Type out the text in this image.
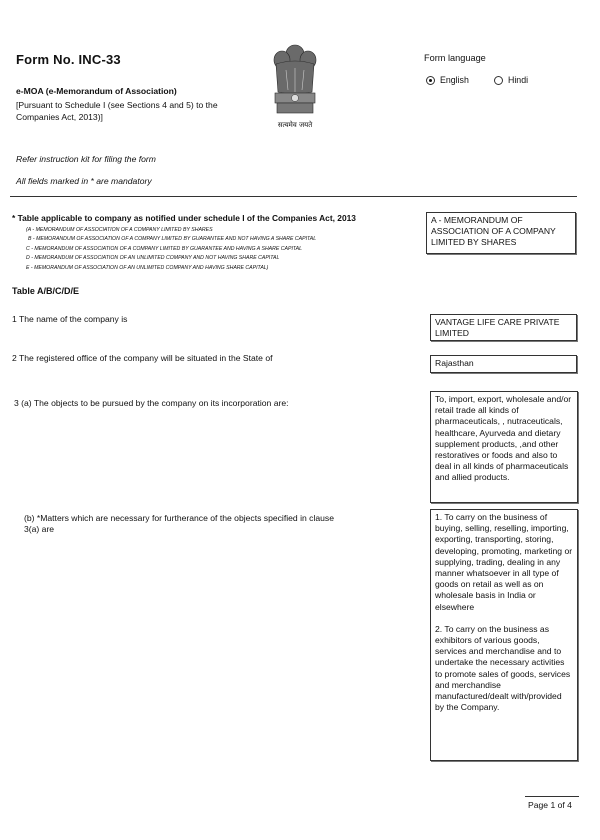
Form No. INC-33
e-MOA (e-Memorandum of Association)
[Pursuant to Schedule I (see Sections 4 and 5) to the Companies Act, 2013)]
सत्यमेव जयते
Form language
English	Hindi
Refer instruction kit for filing the form
All fields marked in * are mandatory
* Table applicable to company as notified under schedule I of the Companies Act, 2013
(A - MEMORANDUM OF ASSOCIATION OF A COMPANY LIMITED BY SHARES
B - MEMORANDUM OF ASSOCIATION OF A COMPANY LIMITED BY GUARANTEE AND NOT HAVING A SHARE CAPITAL
C - MEMORANDUM OF ASSOCIATION OF A COMPANY LIMITED BY GUARANTEE AND HAVING A SHARE CAPITAL
D - MEMORANDUM OF ASSOCIATION OF AN UNLIMITED COMPANY AND NOT HAVING SHARE CAPITAL
E - MEMORANDUM OF ASSOCIATION OF AN UNLIMITED COMPANY AND HAVING SHARE CAPITAL)
A - MEMORANDUM OF ASSOCIATION OF A COMPANY LIMITED BY SHARES
Table A/B/C/D/E
1 The name of the company is	VANTAGE LIFE CARE PRIVATE LIMITED
2 The registered office of the company will be situated in the State of	Rajasthan
3 (a) The objects to be pursued by the company on its incorporation are:	To, import, export, wholesale and/or retail trade all kinds of pharmaceuticals, , nutraceuticals, healthcare, Ayurveda and dietary supplement products, ,and other restoratives or foods and also to deal in all kinds of pharmaceuticals and allied products.
(b) *Matters which are necessary for furtherance of the objects specified in clause 3(a) are
1. To carry on the business of buying, selling, reselling, importing, exporting, transporting, storing, developing, promoting, marketing or supplying, trading, dealing in any manner whatsoever in all type of goods on retail as well as on wholesale basis in India or elsewhere
2. To carry on the business as exhibitors of various goods, services and merchandise and to undertake the necessary activities to promote sales of goods, services and merchandise manufactured/dealt with/provided by the Company.
Page 1 of 4
